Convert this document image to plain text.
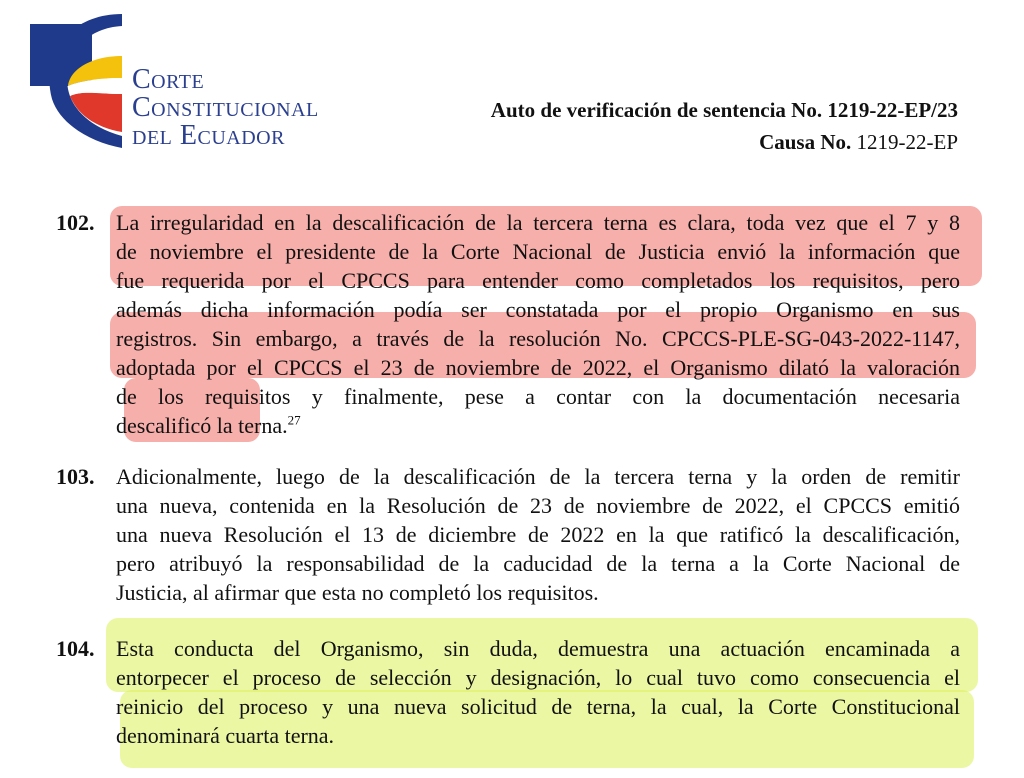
Corte
Constitucional
del Ecuador
Auto de verificación de sentencia No. 1219-22-EP/23
Causa No. 1219-22-EP
102. La irregularidad en la descalificación de la tercera terna es clara, toda vez que el 7 y 8
de noviembre el presidente de la Corte Nacional de Justicia envió la información que
fue requerida por el CPCCS para entender como completados los requisitos, pero
además dicha información podía ser constatada por el propio Organismo en sus
registros. Sin embargo, a través de la resolución No. CPCCS-PLE-SG-043-2022-1147,
adoptada por el CPCCS el 23 de noviembre de 2022, el Organismo dilató la valoración
de los requisitos y finalmente, pese a contar con la documentación necesaria
descalificó la terna.$^{27}$
103. Adicionalmente, luego de la descalificación de la tercera terna y la orden de remitir
una nueva, contenida en la Resolución de 23 de noviembre de 2022, el CPCCS emitió
una nueva Resolución el 13 de diciembre de 2022 en la que ratificó la descalificación,
pero atribuyó la responsabilidad de la caducidad de la terna a la Corte Nacional de
Justicia, al afirmar que esta no completó los requisitos.
104. Esta conducta del Organismo, sin duda, demuestra una actuación encaminada a
entorpecer el proceso de selección y designación, lo cual tuvo como consecuencia el
reinicio del proceso y una nueva solicitud de terna, la cual, la Corte Constitucional
denominará cuarta terna.
